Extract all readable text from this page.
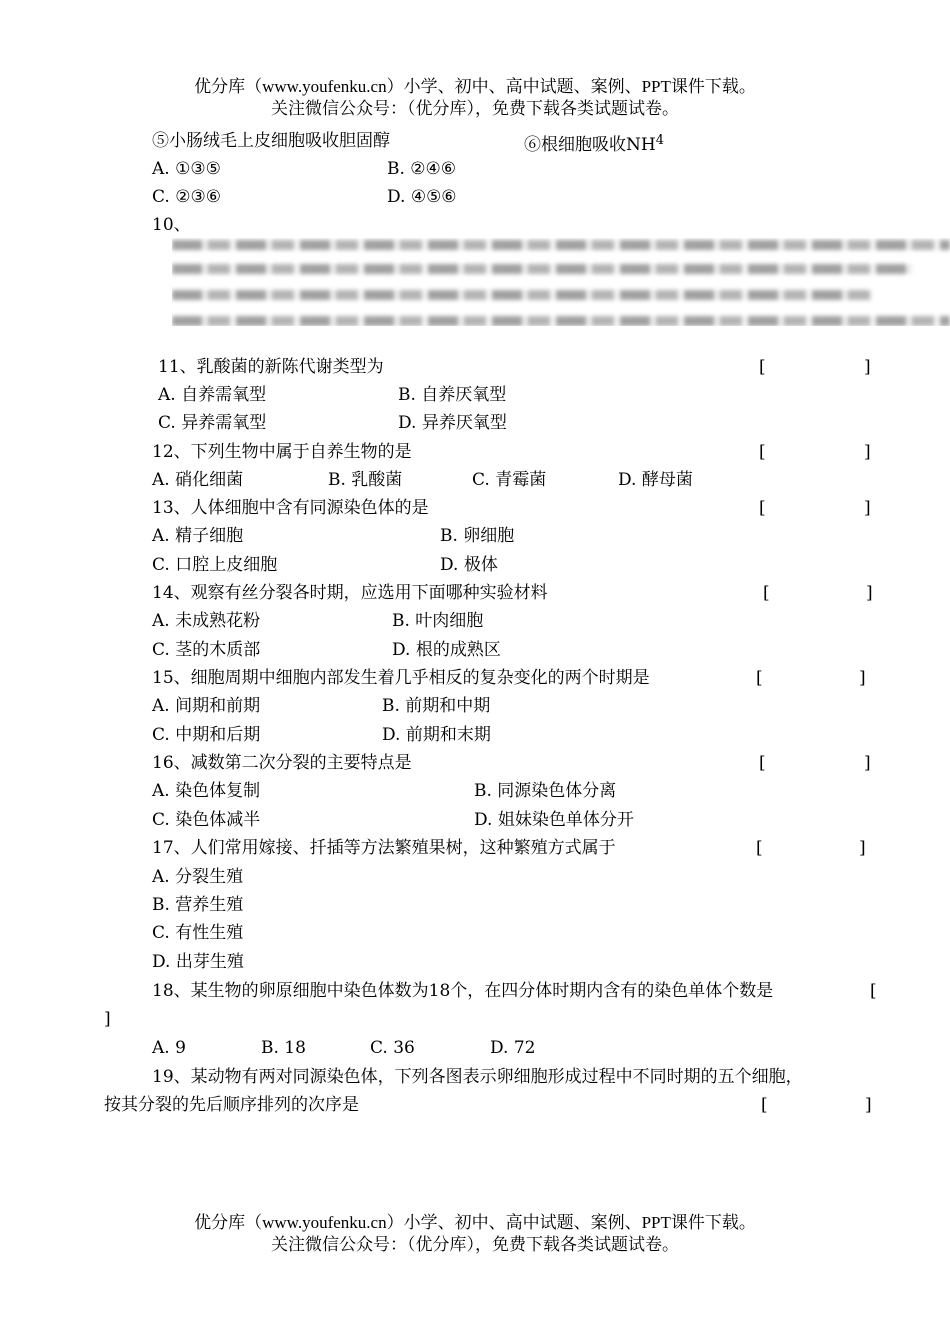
优分库（www.youfenku.cn）小学、初中、高中试题、案例、PPT课件下载。
关注微信公众号：（优分库），免费下载各类试题试卷。
⑤小肠绒毛上皮细胞吸收胆固醇	⑥根细胞吸收$NH^4$
A. ①③⑤	B. ②④⑥
C. ②③⑥	D. ④⑤⑥
10、
11、乳酸菌的新陈代谢类型为	[	]
A. 自养需氧型	B. 自养厌氧型
C. 异养需氧型	D. 异养厌氧型
12、下列生物中属于自养生物的是	[	]
A. 硝化细菌	B. 乳酸菌	C. 青霉菌	D. 酵母菌
13、人体细胞中含有同源染色体的是	[	]
A. 精子细胞	B. 卵细胞
C. 口腔上皮细胞	D. 极体
14、观察有丝分裂各时期，应选用下面哪种实验材料	[	]
A. 未成熟花粉	B. 叶肉细胞
C. 茎的木质部	D. 根的成熟区
15、细胞周期中细胞内部发生着几乎相反的复杂变化的两个时期是	[	]
A. 间期和前期	B. 前期和中期
C. 中期和后期	D. 前期和末期
16、减数第二次分裂的主要特点是	[	]
A. 染色体复制	B. 同源染色体分离
C. 染色体减半	D. 姐妹染色单体分开
17、人们常用嫁接、扦插等方法繁殖果树，这种繁殖方式属于	[	]
A. 分裂生殖
B. 营养生殖
C. 有性生殖
D. 出芽生殖
18、某生物的卵原细胞中染色体数为18个，在四分体时期内含有的染色单体个数是	[
]
A. 9	B. 18	C. 36	D. 72
19、某动物有两对同源染色体，下列各图表示卵细胞形成过程中不同时期的五个细胞，
按其分裂的先后顺序排列的次序是	[	]
优分库（www.youfenku.cn）小学、初中、高中试题、案例、PPT课件下载。
关注微信公众号：（优分库），免费下载各类试题试卷。
